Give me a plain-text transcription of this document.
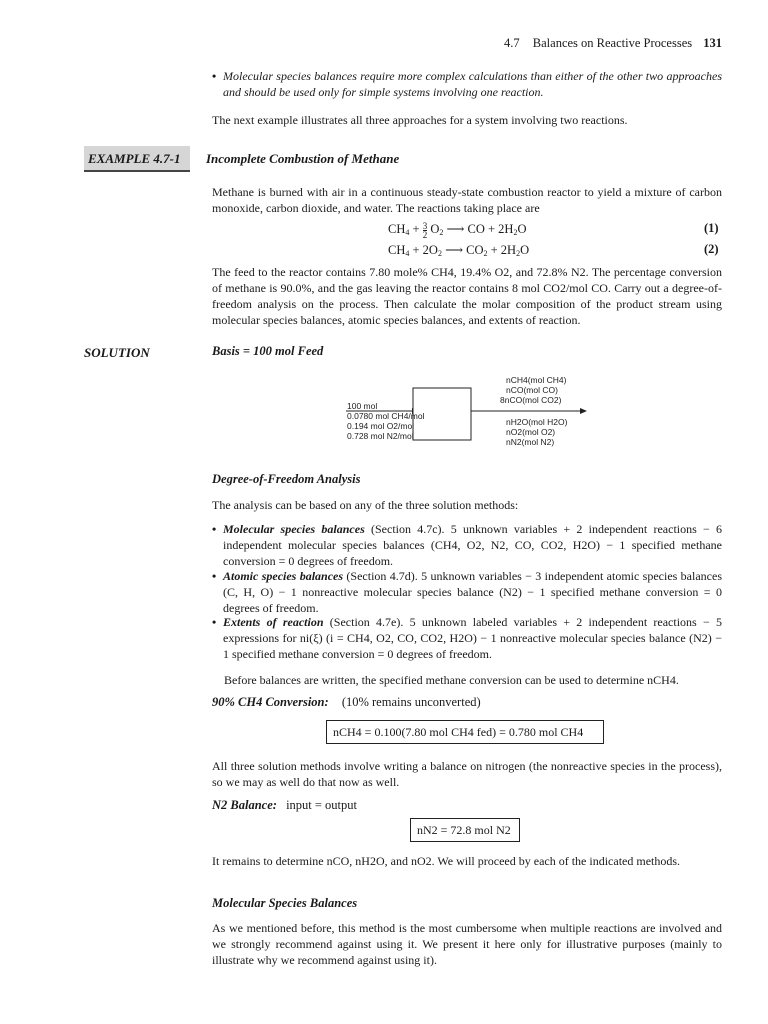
4.7 Balances on Reactive Processes 131
• Molecular species balances require more complex calculations than either of the other two approaches and should be used only for simple systems involving one reaction.
The next example illustrates all three approaches for a system involving two reactions.
EXAMPLE 4.7-1	Incomplete Combustion of Methane
Methane is burned with air in a continuous steady-state combustion reactor to yield a mixture of carbon monoxide, carbon dioxide, and water. The reactions taking place are
$CH_4 + \frac{3}{2} O_2$ ⟶ CO + $2H_2O$	(1)
$CH_4 + 2O_2$ ⟶ $CO_2 + 2H_2O$	(2)
The feed to the reactor contains 7.80 mole% CH4, 19.4% O2, and 72.8% N2. The percentage conversion of methane is 90.0%, and the gas leaving the reactor contains 8 mol CO2/mol CO. Carry out a degree-of-freedom analysis on the process. Then calculate the molar composition of the product stream using molecular species balances, atomic species balances, and extents of reaction.
SOLUTION	Basis = 100 mol Feed
100 mol
0.0780 mol CH4/mol
0.194 mol O2/mol
0.728 mol N2/mol
nCH4(mol CH4)
nCO(mol CO)
8nCO(mol CO2)
nH2O(mol H2O)
nO2(mol O2)
nN2(mol N2)
Degree-of-Freedom Analysis
The analysis can be based on any of the three solution methods:
• Molecular species balances (Section 4.7c). 5 unknown variables + 2 independent reactions − 6 independent molecular species balances (CH4, O2, N2, CO, CO2, H2O) − 1 specified methane conversion = 0 degrees of freedom.
• Atomic species balances (Section 4.7d). 5 unknown variables − 3 independent atomic species balances (C, H, O) − 1 nonreactive molecular species balance (N2) − 1 specified methane conversion = 0 degrees of freedom.
• Extents of reaction (Section 4.7e). 5 unknown labeled variables + 2 independent reactions − 5 expressions for ni(ξ) (i = CH4, O2, CO, CO2, H2O) − 1 nonreactive molecular species balance (N2) − 1 specified methane conversion = 0 degrees of freedom.
Before balances are written, the specified methane conversion can be used to determine nCH4.
90% CH4 Conversion: (10% remains unconverted)
nCH4 = 0.100(7.80 mol CH4 fed) = 0.780 mol CH4
All three solution methods involve writing a balance on nitrogen (the nonreactive species in the process), so we may as well do that now as well.
N2 Balance: input = output
nN2 = 72.8 mol N2
It remains to determine nCO, nH2O, and nO2. We will proceed by each of the indicated methods.
Molecular Species Balances
As we mentioned before, this method is the most cumbersome when multiple reactions are involved and we strongly recommend against using it. We present it here only for illustrative purposes (mainly to illustrate why we recommend against using it).
